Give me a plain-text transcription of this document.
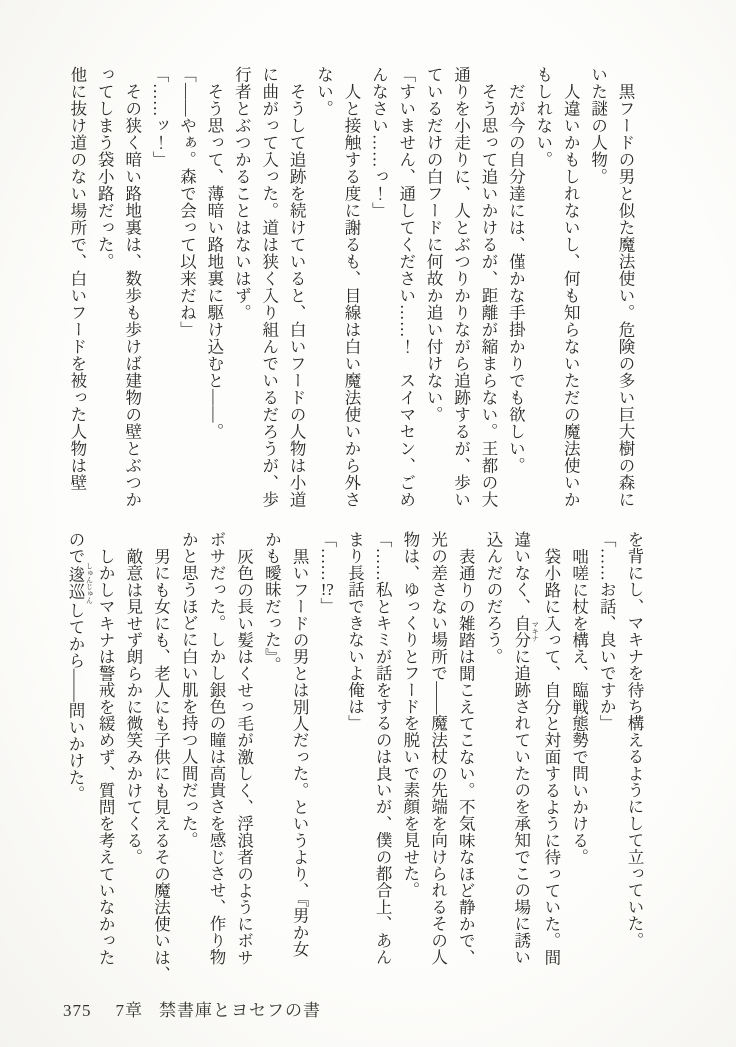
黒フードの男と似た魔法使い。危険の多い巨大樹の森に
いた謎の人物。
人違いかもしれないし、何も知らないただの魔法使いか
もしれない。
だが今の自分達には、僅かな手掛かりでも欲しい。
そう思って追いかけるが、距離が縮まらない。王都の大
通りを小走りに、人とぶつりかりながら追跡するが、歩い
ているだけの白フードに何故か追い付けない。
「すいません、通してください……！　スイマセン、ごめ
んなさい……っ！」
人と接触する度に謝るも、目線は白い魔法使いから外さ
ない。
そうして追跡を続けていると、白いフードの人物は小道
に曲がって入った。道は狭く入り組んでいるだろうが、歩
行者とぶつかることはないはず。
そう思って、薄暗い路地裏に駆け込むと――。
「――やぁ。森で会って以来だね」
「……ッ！」
その狭く暗い路地裏は、数歩も歩けば建物の壁とぶつか
ってしまう袋小路だった。
他に抜け道のない場所で、白いフードを被った人物は壁
を背にし、マキナを待ち構えるようにして立っていた。
「……お話、良いですか」
咄嗟に杖を構え、臨戦態勢で問いかける。
袋小路に入って、自分と対面するように待っていた。間
違いなく、自分 マキナに追跡されていたのを承知でこの場に誘い
込んだのだろう。
表通りの雑踏は聞こえてこない。不気味なほど静かで、
光の差さない場所で――魔法杖の先端を向けられるその人
物は、ゆっくりとフードを脱いで素顔を見せた。
「……私とキミが話をするのは良いが、僕の都合上、あん
まり長話できないよ俺は」
「……!?」
黒いフードの男とは別人だった。というより、『男か女
かも曖昧だった』。
灰色の長い髪はくせっ毛が激しく、浮浪者のようにボサ
ボサだった。しかし銀色の瞳は高貴さを感じさせ、作り物
かと思うほどに白い肌を持つ人間だった。
男にも女にも、老人にも子供にも見えるその魔法使いは、
敵意は見せず朗らかに微笑みかけてくる。
しかしマキナは警戒を緩めず、質問を考えていなかった
ので逡巡 しゅんじゅんしてから――問いかけた。
375 7章 禁書庫とヨセフの書
